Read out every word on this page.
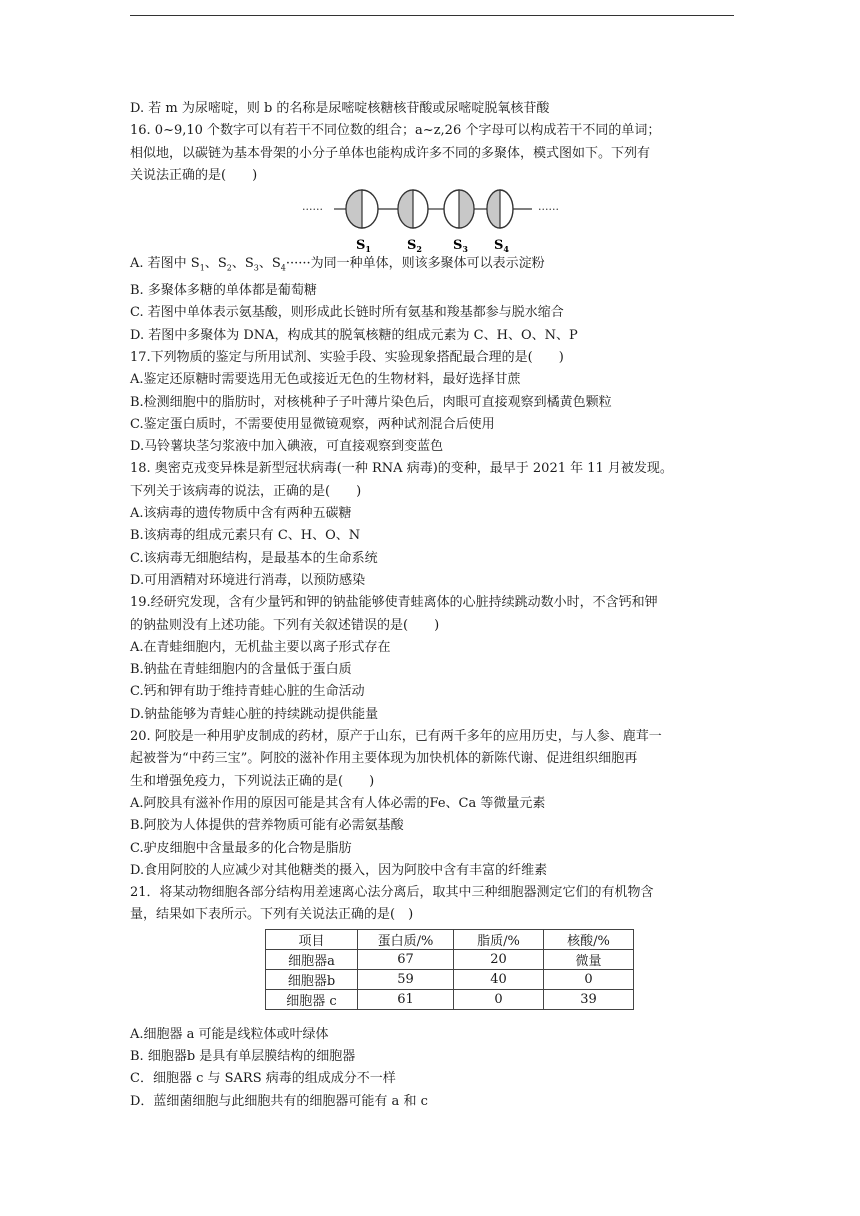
D. 若 m 为尿嘧啶，则 b 的名称是尿嘧啶核糖核苷酸或尿嘧啶脱氧核苷酸
16. 0~9,10 个数字可以有若干不同位数的组合；a~z,26 个字母可以构成若干不同的单词；
相似地，以碳链为基本骨架的小分子单体也能构成许多不同的多聚体，模式图如下。下列有
关说法正确的是(　　)
······	······
$S_1$	$S_2$ $S_3$ $S_4$
A. 若图中 $S_1$、$S_2$、$S_3$、$S_4\cdot\cdot\cdot\cdot\cdot\cdot$为同一种单体，则该多聚体可以表示淀粉
B. 多聚体多糖的单体都是葡萄糖
C. 若图中单体表示氨基酸，则形成此长链时所有氨基和羧基都参与脱水缩合
D. 若图中多聚体为 DNA，构成其的脱氧核糖的组成元素为 C、H、O、N、P
17.下列物质的鉴定与所用试剂、实验手段、实验现象搭配最合理的是(　　)
A.鉴定还原糖时需要选用无色或接近无色的生物材料，最好选择甘蔗
B.检测细胞中的脂肪时，对核桃种子子叶薄片染色后，肉眼可直接观察到橘黄色颗粒
C.鉴定蛋白质时，不需要使用显微镜观察，两种试剂混合后使用
D.马铃薯块茎匀浆液中加入碘液，可直接观察到变蓝色
18. 奥密克戎变异株是新型冠状病毒(一种 RNA 病毒)的变种，最早于 2021 年 11 月被发现。
下列关于该病毒的说法，正确的是(　　)
A.该病毒的遗传物质中含有两种五碳糖
B.该病毒的组成元素只有 C、H、O、N
C.该病毒无细胞结构，是最基本的生命系统
D.可用酒精对环境进行消毒，以预防感染
19.经研究发现，含有少量钙和钾的钠盐能够使青蛙离体的心脏持续跳动数小时，不含钙和钾
的钠盐则没有上述功能。下列有关叙述错误的是(　　)
A.在青蛙细胞内，无机盐主要以离子形式存在
B.钠盐在青蛙细胞内的含量低于蛋白质
C.钙和钾有助于维持青蛙心脏的生命活动
D.钠盐能够为青蛙心脏的持续跳动提供能量
20. 阿胶是一种用驴皮制成的药材，原产于山东，已有两千多年的应用历史，与人参、鹿茸一
起被誉为“中药三宝”。阿胶的滋补作用主要体现为加快机体的新陈代谢、促进组织细胞再
生和增强免疫力，下列说法正确的是(　　)
A.阿胶具有滋补作用的原因可能是其含有人体必需的Fe、Ca 等微量元素
B.阿胶为人体提供的营养物质可能有必需氨基酸
C.驴皮细胞中含量最多的化合物是脂肪
D.食用阿胶的人应减少对其他糖类的摄入，因为阿胶中含有丰富的纤维素
21．将某动物细胞各部分结构用差速离心法分离后，取其中三种细胞器测定它们的有机物含
量，结果如下表所示。下列有关说法正确的是(　)
项目	蛋白质/%	脂质/%	核酸/%
细胞器a	67	20	微量
细胞器b	59	40	0
细胞器 c	61	0	39
A.细胞器 a 可能是线粒体或叶绿体
B. 细胞器b 是具有单层膜结构的细胞器
C．细胞器 c 与 SARS 病毒的组成成分不一样
D．蓝细菌细胞与此细胞共有的细胞器可能有 a 和 c
